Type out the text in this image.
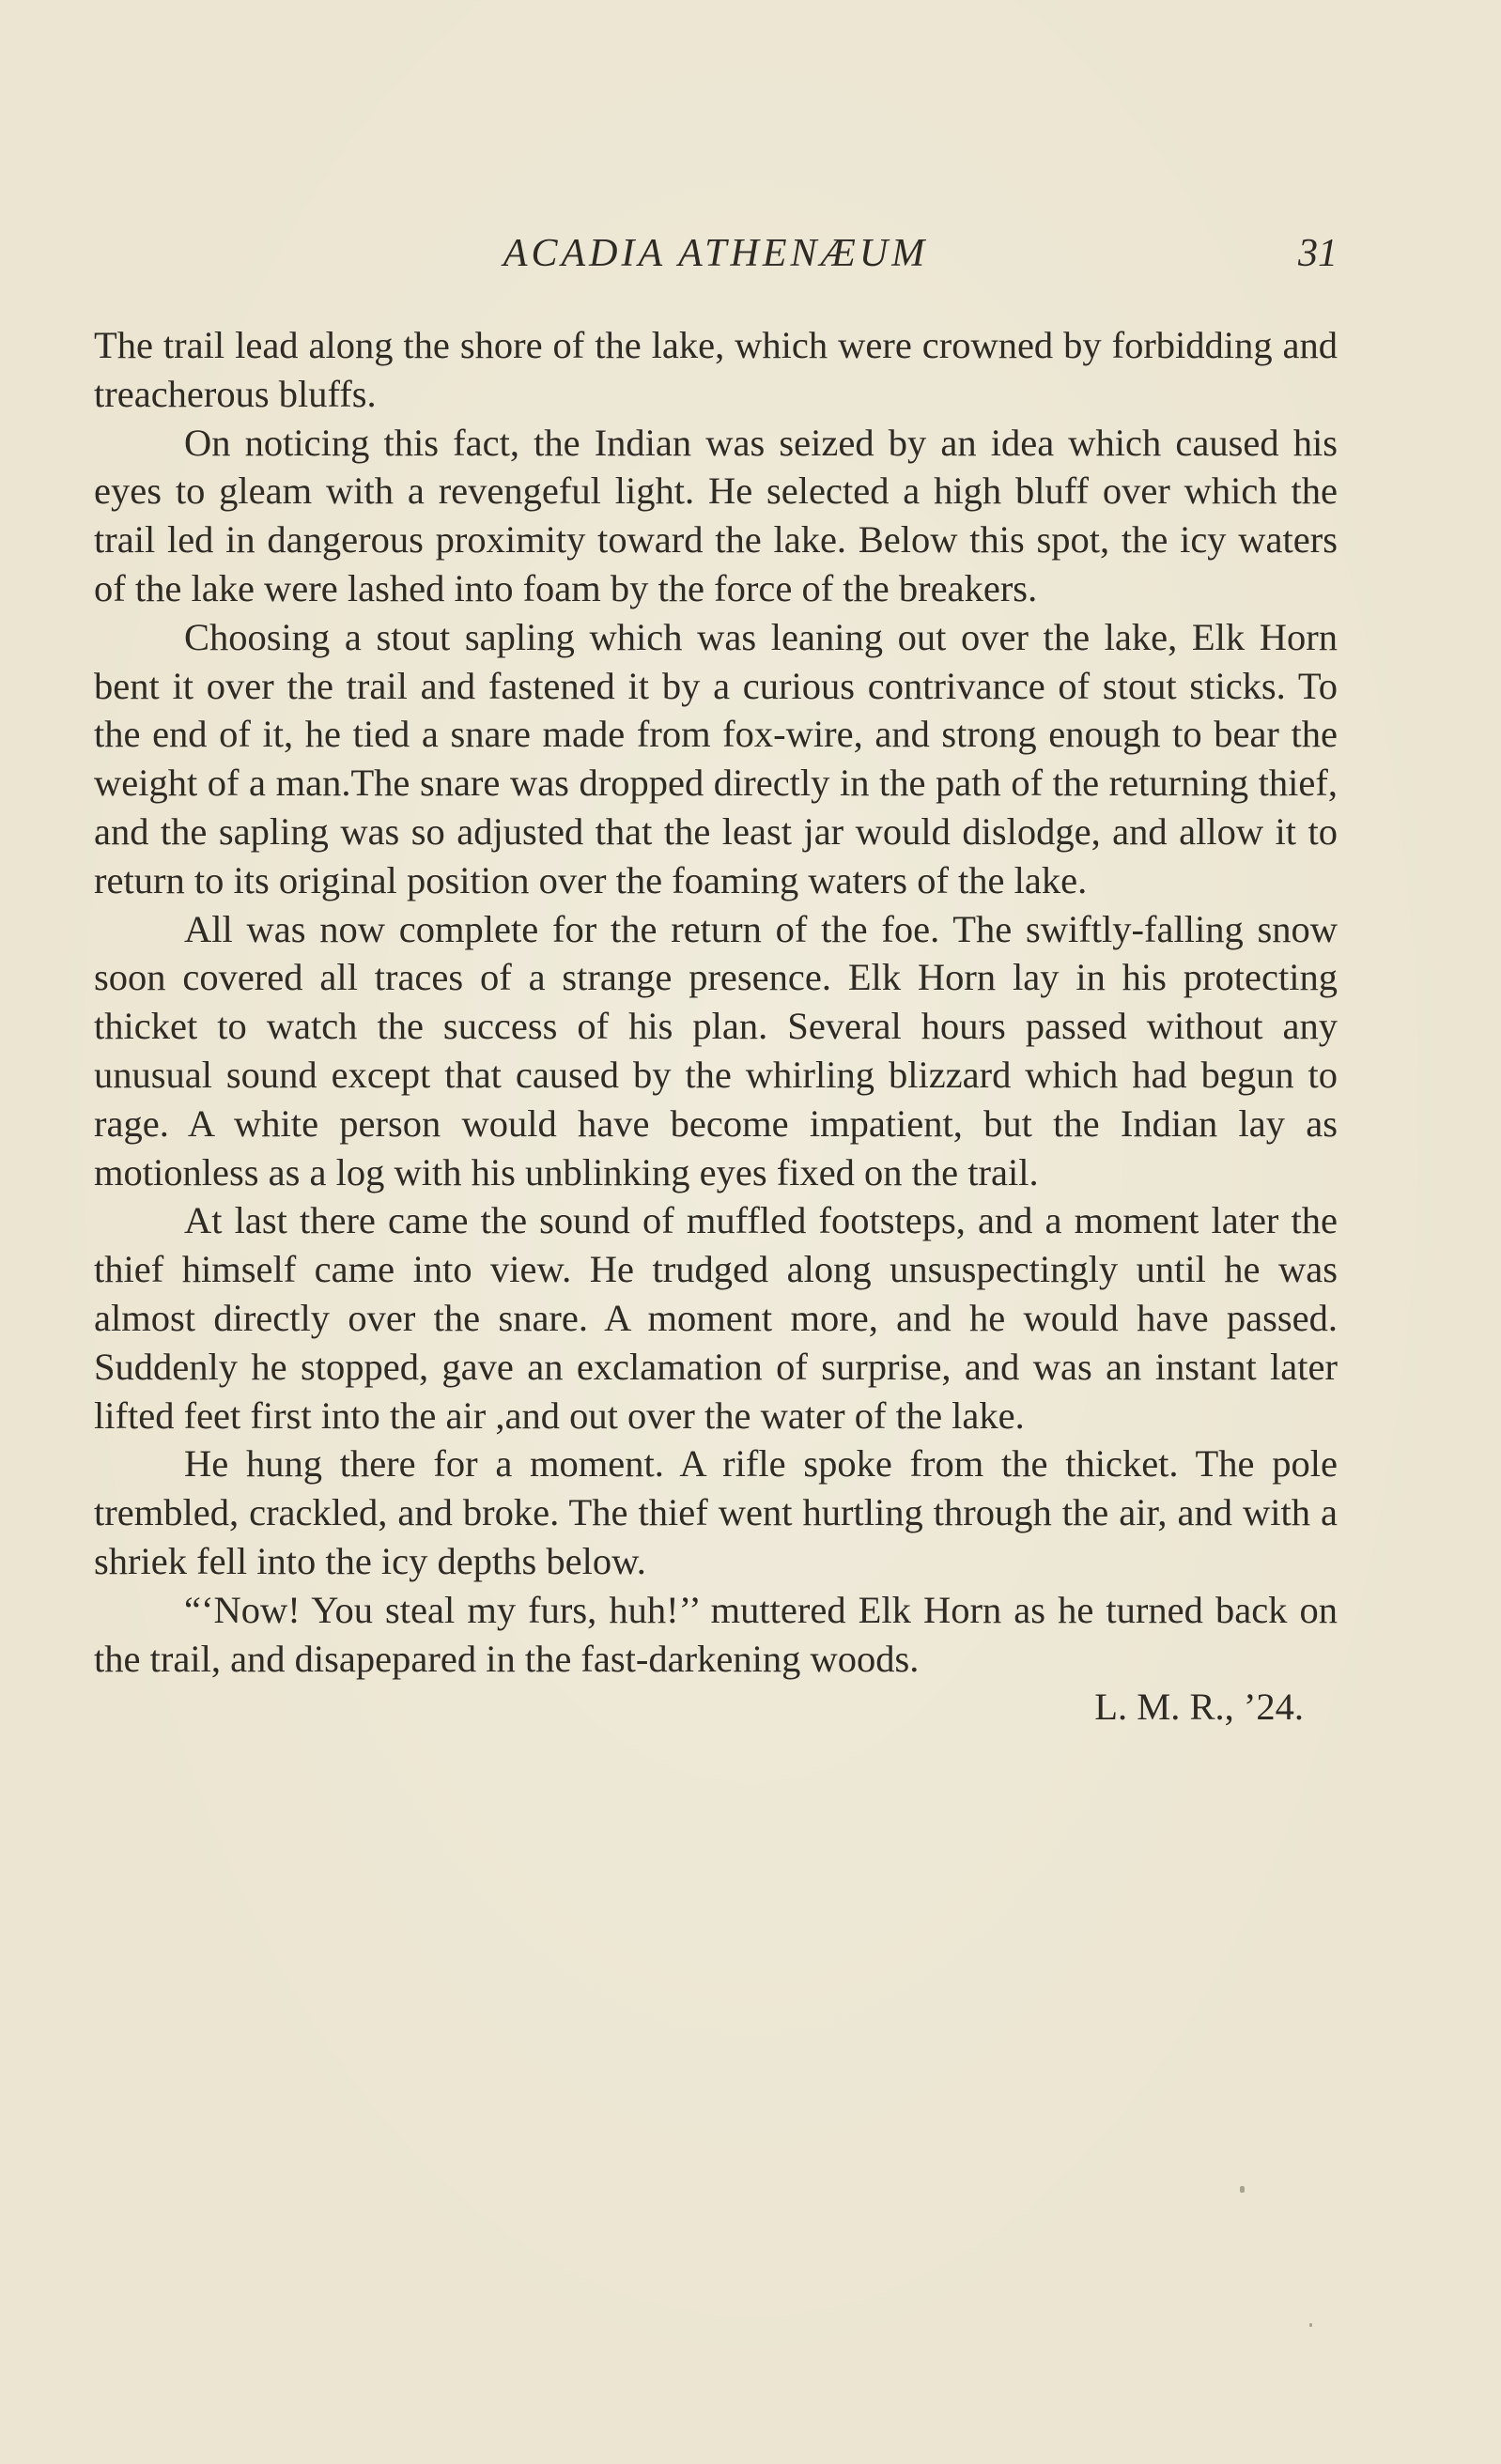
ACADIA ATHENÆUM	31

The trail lead along the shore of the lake, which were crowned by forbidding and treacherous bluffs.

On noticing this fact, the Indian was seized by an idea which caused his eyes to gleam with a revengeful light. He selected a high bluff over which the trail led in dangerous proximity toward the lake. Below this spot, the icy waters of the lake were lashed into foam by the force of the breakers.

Choosing a stout sapling which was leaning out over the lake, Elk Horn bent it over the trail and fastened it by a curious contrivance of stout sticks. To the end of it, he tied a snare made from fox-wire, and strong enough to bear the weight of a man.The snare was dropped directly in the path of the returning thief, and the sapling was so adjusted that the least jar would dislodge, and allow it to return to its original position over the foaming waters of the lake.

All was now complete for the return of the foe. The swiftly-falling snow soon covered all traces of a strange presence. Elk Horn lay in his protecting thicket to watch the success of his plan. Several hours passed without any unusual sound except that caused by the whirling blizzard which had begun to rage. A white person would have become impatient, but the Indian lay as motionless as a log with his unblinking eyes fixed on the trail.

At last there came the sound of muffled footsteps, and a moment later the thief himself came into view. He trudged along unsuspectingly until he was almost directly over the snare. A moment more, and he would have passed. Suddenly he stopped, gave an exclamation of surprise, and was an instant later lifted feet first into the air ,and out over the water of the lake.

He hung there for a moment. A rifle spoke from the thicket. The pole trembled, crackled, and broke. The thief went hurtling through the air, and with a shriek fell into the icy depths below.

“‘Now! You steal my furs, huh!’’ muttered Elk Horn as he turned back on the trail, and disapepared in the fast-darkening woods.

L. M. R., ’24.
